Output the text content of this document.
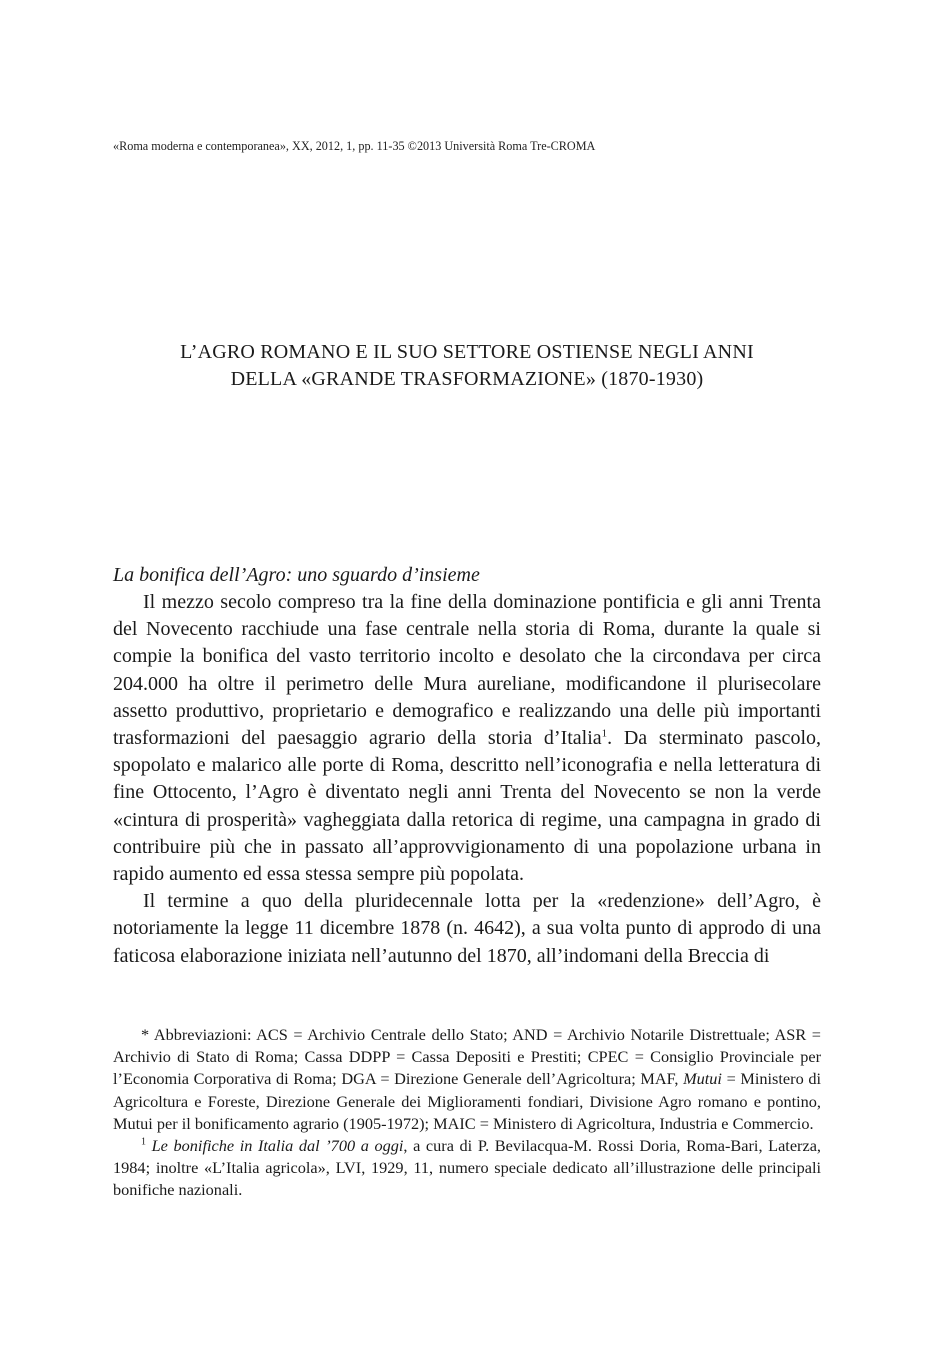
«Roma moderna e contemporanea», XX, 2012, 1, pp. 11-35 ©2013 Università Roma Tre-CROMA
L’AGRO ROMANO E IL SUO SETTORE OSTIENSE NEGLI ANNI
DELLA «GRANDE TRASFORMAZIONE» (1870-1930)
La bonifica dell’Agro: uno sguardo d’insieme

Il mezzo secolo compreso tra la fine della dominazione pontificia e gli anni Trenta del Novecento racchiude una fase centrale nella storia di Roma, durante la quale si compie la bonifica del vasto territorio incolto e desolato che la circondava per circa 204.000 ha oltre il perimetro delle Mura aureliane, modificandone il plurisecolare assetto produttivo, proprietario e demografico e realizzando una delle più importanti trasformazioni del paesaggio agrario della storia d’Italia$^1$. Da sterminato pascolo, spopolato e malarico alle porte di Roma, descritto nell’iconografia e nella letteratura di fine Ottocento, l’Agro è diventato negli anni Trenta del Novecento se non la verde «cintura di prosperità» vagheggiata dalla retorica di regime, una campagna in grado di contribuire più che in passato all’approvvigionamento di una popolazione urbana in rapido aumento ed essa stessa sempre più popolata.

Il termine a quo della pluridecennale lotta per la «redenzione» dell’Agro, è notoriamente la legge 11 dicembre 1878 (n. 4642), a sua volta punto di approdo di una faticosa elaborazione iniziata nell’autunno del 1870, all’indomani della Breccia di

* Abbreviazioni: ACS = Archivio Centrale dello Stato; AND = Archivio Notarile Distrettuale; ASR = Archivio di Stato di Roma; Cassa DDPP = Cassa Depositi e Prestiti; CPEC = Consiglio Provinciale per l’Economia Corporativa di Roma; DGA = Direzione Generale dell’Agricoltura; MAF, Mutui = Ministero di Agricoltura e Foreste, Direzione Generale dei Miglioramenti fondiari, Divisione Agro romano e pontino, Mutui per il bonificamento agrario (1905-1972); MAIC = Ministero di Agricoltura, Industria e Commercio.

$^1$ Le bonifiche in Italia dal ’700 a oggi, a cura di P. Bevilacqua-M. Rossi Doria, Roma-Bari, Laterza, 1984; inoltre «L’Italia agricola», LVI, 1929, 11, numero speciale dedicato all’illustrazione delle principali bonifiche nazionali.
